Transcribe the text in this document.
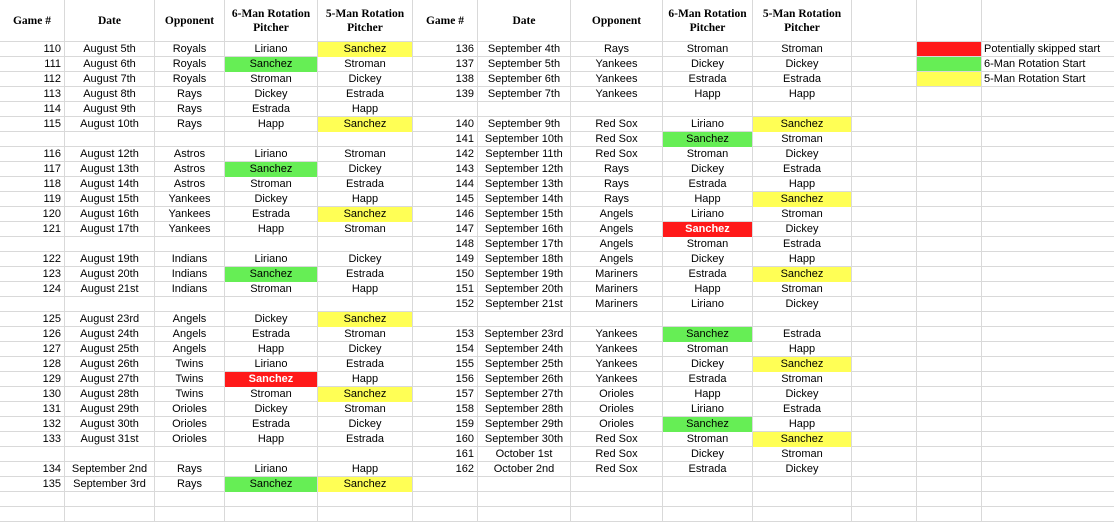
Game #	Date	Opponent
6-Man Rotation Pitcher
5-Man Rotation Pitcher
Game #	Date	Opponent
6-Man Rotation Pitcher
5-Man Rotation Pitcher
Potentially skipped start
6-Man Rotation Start
5-Man Rotation Start
110	August 5th	Royals	Liriano	Sanchez
111	August 6th	Royals	Sanchez	Stroman
112	August 7th	Royals	Stroman	Dickey
113	August 8th	Rays	Dickey	Estrada
114	August 9th	Rays	Estrada	Happ
115	August 10th	Rays	Happ	Sanchez
116	August 12th	Astros	Liriano	Stroman
117	August 13th	Astros	Sanchez	Dickey
118	August 14th	Astros	Stroman	Estrada
119	August 15th	Yankees	Dickey	Happ
120	August 16th	Yankees	Estrada	Sanchez
121	August 17th	Yankees	Happ	Stroman
122	August 19th	Indians	Liriano	Dickey
123	August 20th	Indians	Sanchez	Estrada
124	August 21st	Indians	Stroman	Happ
125	August 23rd	Angels	Dickey	Sanchez
126	August 24th	Angels	Estrada	Stroman
127	August 25th	Angels	Happ	Dickey
128	August 26th	Twins	Liriano	Estrada
129	August 27th	Twins	Sanchez	Happ
130	August 28th	Twins	Stroman	Sanchez
131	August 29th	Orioles	Dickey	Stroman
132	August 30th	Orioles	Estrada	Dickey
133	August 31st	Orioles	Happ	Estrada
134 September 2nd	Rays	Liriano	Happ
135	September 3rd	Rays	Sanchez	Sanchez
136	September 4th	Rays	Stroman	Stroman
137	September 5th	Yankees	Dickey	Dickey
138	September 6th	Yankees	Estrada	Estrada
139	September 7th	Yankees	Happ	Happ
140	September 9th	Red Sox	Liriano	Sanchez
141 September 10th	Red Sox	Sanchez	Stroman
142	September 11th	Red Sox	Stroman	Dickey
143 September 12th	Rays	Dickey	Estrada
144 September 13th	Rays	Estrada	Happ
145 September 14th	Rays	Happ	Sanchez
146 September 15th	Angels	Liriano	Stroman
147 September 16th	Angels	Sanchez	Dickey
148 September 17th	Angels	Stroman	Estrada
149 September 18th	Angels	Dickey	Happ
150 September 19th	Mariners	Estrada	Sanchez
151 September 20th	Mariners	Happ	Stroman
152	September 21st	Mariners	Liriano	Dickey
153 September 23rd	Yankees	Sanchez	Estrada
154 September 24th	Yankees	Stroman	Happ
155 September 25th	Yankees	Dickey	Sanchez
156 September 26th	Yankees	Estrada	Stroman
157 September 27th	Orioles	Happ	Dickey
158 September 28th	Orioles	Liriano	Estrada
159 September 29th	Orioles	Sanchez	Happ
160 September 30th	Red Sox	Stroman	Sanchez
161	October 1st	Red Sox	Dickey	Stroman
162	October 2nd	Red Sox	Estrada	Dickey
